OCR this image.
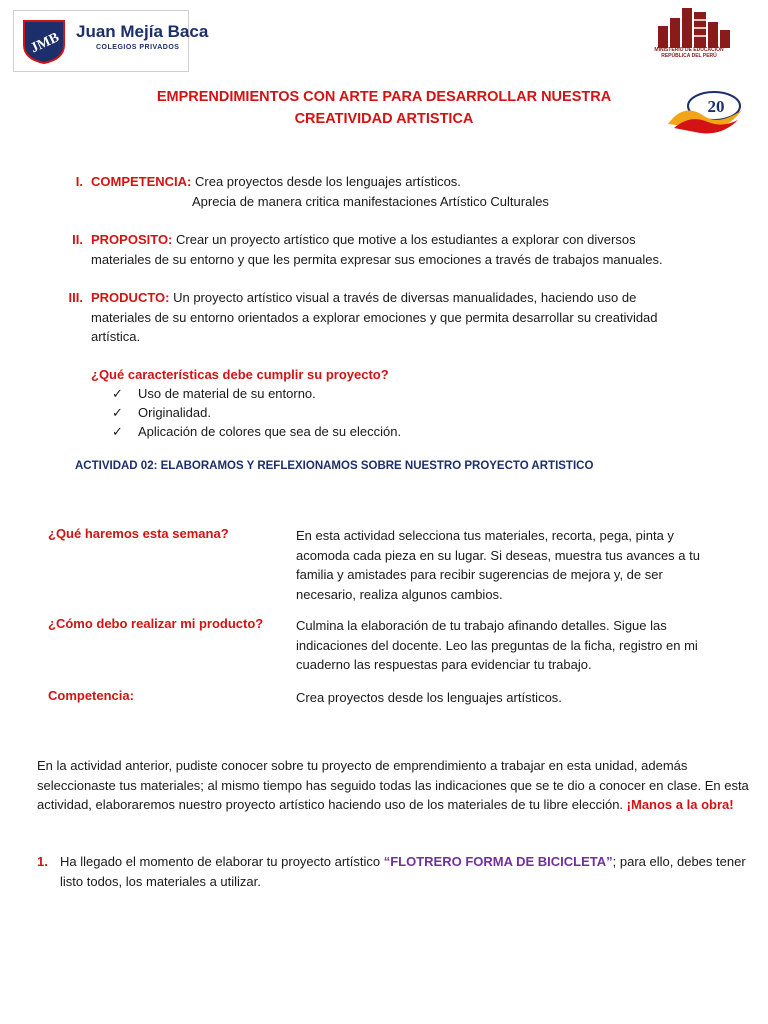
JMB Juan Mejía Baca
COLEGIOS PRIVADOS	MINISTERIO DE EDUCACIÓN
REPÚBLICA DEL PERÚ
20
EMPRENDIMIENTOS CON ARTE PARA DESARROLLAR NUESTRA
CREATIVIDAD ARTISTICA
I. COMPETENCIA: Crea proyectos desde los lenguajes artísticos.
Aprecia de manera critica manifestaciones Artístico Culturales
II. PROPOSITO: Crear un proyecto artístico que motive a los estudiantes a explorar con diversos materiales de su entorno y que les permita expresar sus emociones a través de trabajos manuales.
III. PRODUCTO: Un proyecto artístico visual a través de diversas manualidades, haciendo uso de materiales de su entorno orientados a explorar emociones y que permita desarrollar su creatividad artística.
¿Qué características debe cumplir su proyecto?
✓ Uso de material de su entorno.
✓ Originalidad.
✓ Aplicación de colores que sea de su elección.
ACTIVIDAD 02: ELABORAMOS Y REFLEXIONAMOS SOBRE NUESTRO PROYECTO ARTISTICO
¿Qué haremos esta semana?	En esta actividad selecciona tus materiales, recorta, pega, pinta y acomoda cada pieza en su lugar. Si deseas, muestra tus avances a tu familia y amistades para recibir sugerencias de mejora y, de ser necesario, realiza algunos cambios.
¿Cómo debo realizar mi producto?	Culmina la elaboración de tu trabajo afinando detalles. Sigue las indicaciones del docente. Leo las preguntas de la ficha, registro en mi cuaderno las respuestas para evidenciar tu trabajo.
Competencia:	Crea proyectos desde los lenguajes artísticos.
En la actividad anterior, pudiste conocer sobre tu proyecto de emprendimiento a trabajar en esta unidad, además seleccionaste tus materiales; al mismo tiempo has seguido todas las indicaciones que se te dio a conocer en clase. En esta actividad, elaboraremos nuestro proyecto artístico haciendo uso de los materiales de tu libre elección. ¡Manos a la obra!
1. Ha llegado el momento de elaborar tu proyecto artístico “FLOTRERO FORMA DE BICICLETA”; para ello, debes tener listo todos, los materiales a utilizar.
